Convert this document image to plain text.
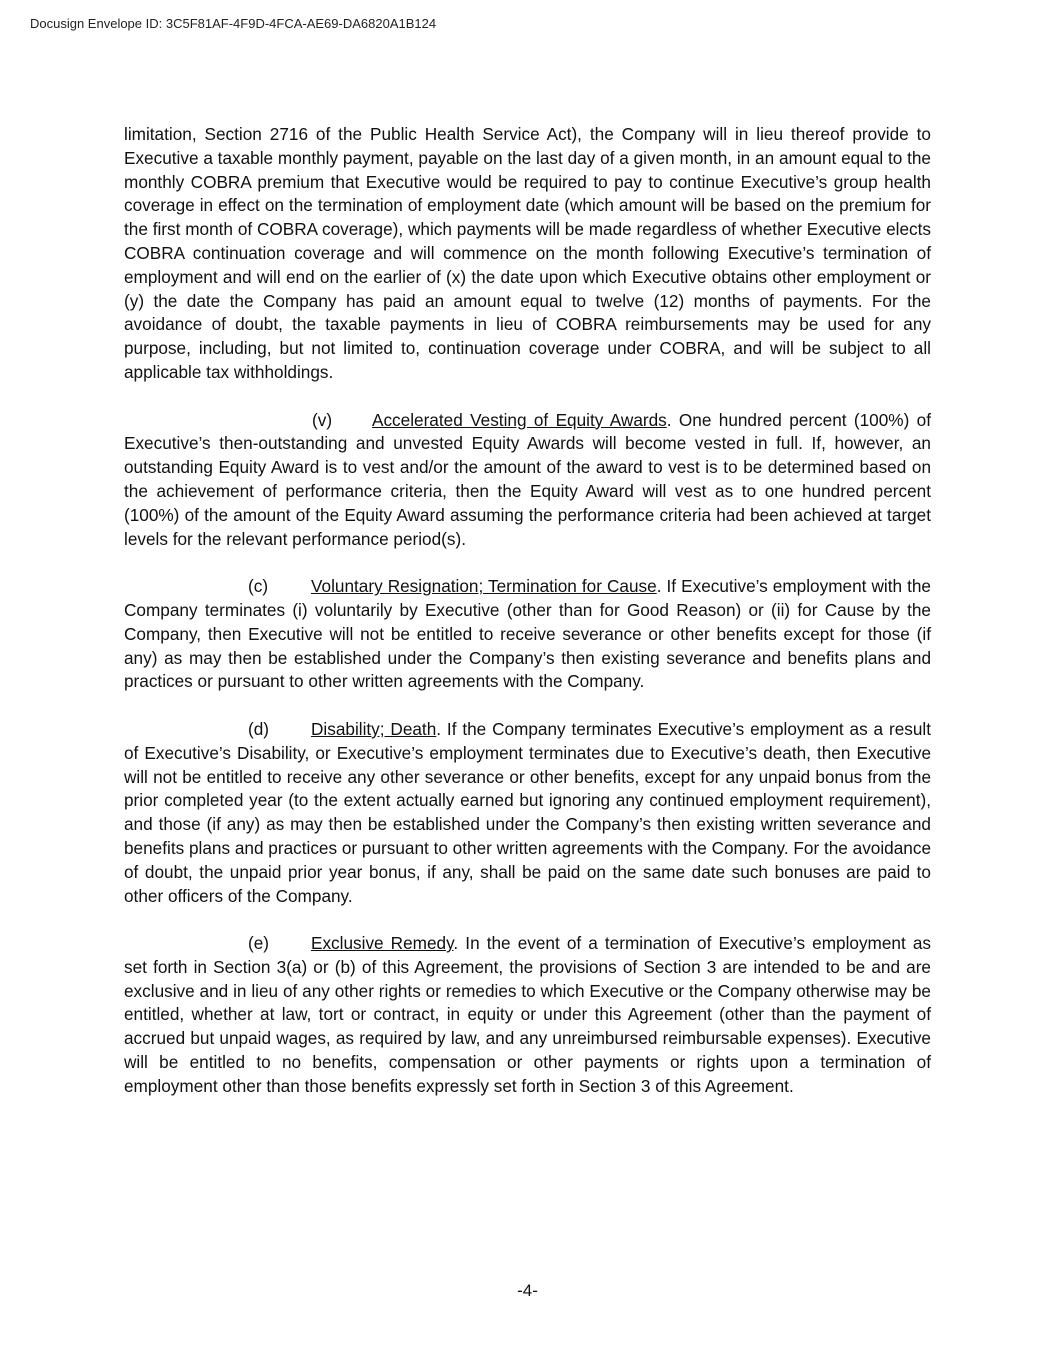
Docusign Envelope ID: 3C5F81AF-4F9D-4FCA-AE69-DA6820A1B124

limitation, Section 2716 of the Public Health Service Act), the Company will in lieu thereof provide to Executive a taxable monthly payment, payable on the last day of a given month, in an amount equal to the monthly COBRA premium that Executive would be required to pay to continue Executive’s group health coverage in effect on the termination of employment date (which amount will be based on the premium for the first month of COBRA coverage), which payments will be made regardless of whether Executive elects COBRA continuation coverage and will commence on the month following Executive’s termination of employment and will end on the earlier of (x) the date upon which Executive obtains other employment or (y) the date the Company has paid an amount equal to twelve (12) months of payments. For the avoidance of doubt, the taxable payments in lieu of COBRA reimbursements may be used for any purpose, including, but not limited to, continuation coverage under COBRA, and will be subject to all applicable tax withholdings.

(v) Accelerated Vesting of Equity Awards. One hundred percent (100%) of Executive’s then-outstanding and unvested Equity Awards will become vested in full. If, however, an outstanding Equity Award is to vest and/or the amount of the award to vest is to be determined based on the achievement of performance criteria, then the Equity Award will vest as to one hundred percent (100%) of the amount of the Equity Award assuming the performance criteria had been achieved at target levels for the relevant performance period(s).

(c) Voluntary Resignation; Termination for Cause. If Executive’s employment with the Company terminates (i) voluntarily by Executive (other than for Good Reason) or (ii) for Cause by the Company, then Executive will not be entitled to receive severance or other benefits except for those (if any) as may then be established under the Company’s then existing severance and benefits plans and practices or pursuant to other written agreements with the Company.

(d) Disability; Death. If the Company terminates Executive’s employment as a result of Executive’s Disability, or Executive’s employment terminates due to Executive’s death, then Executive will not be entitled to receive any other severance or other benefits, except for any unpaid bonus from the prior completed year (to the extent actually earned but ignoring any continued employment requirement), and those (if any) as may then be established under the Company’s then existing written severance and benefits plans and practices or pursuant to other written agreements with the Company. For the avoidance of doubt, the unpaid prior year bonus, if any, shall be paid on the same date such bonuses are paid to other officers of the Company.

(e) Exclusive Remedy. In the event of a termination of Executive’s employment as set forth in Section 3(a) or (b) of this Agreement, the provisions of Section 3 are intended to be and are exclusive and in lieu of any other rights or remedies to which Executive or the Company otherwise may be entitled, whether at law, tort or contract, in equity or under this Agreement (other than the payment of accrued but unpaid wages, as required by law, and any unreimbursed reimbursable expenses). Executive will be entitled to no benefits, compensation or other payments or rights upon a termination of employment other than those benefits expressly set forth in Section 3 of this Agreement.

-4-
